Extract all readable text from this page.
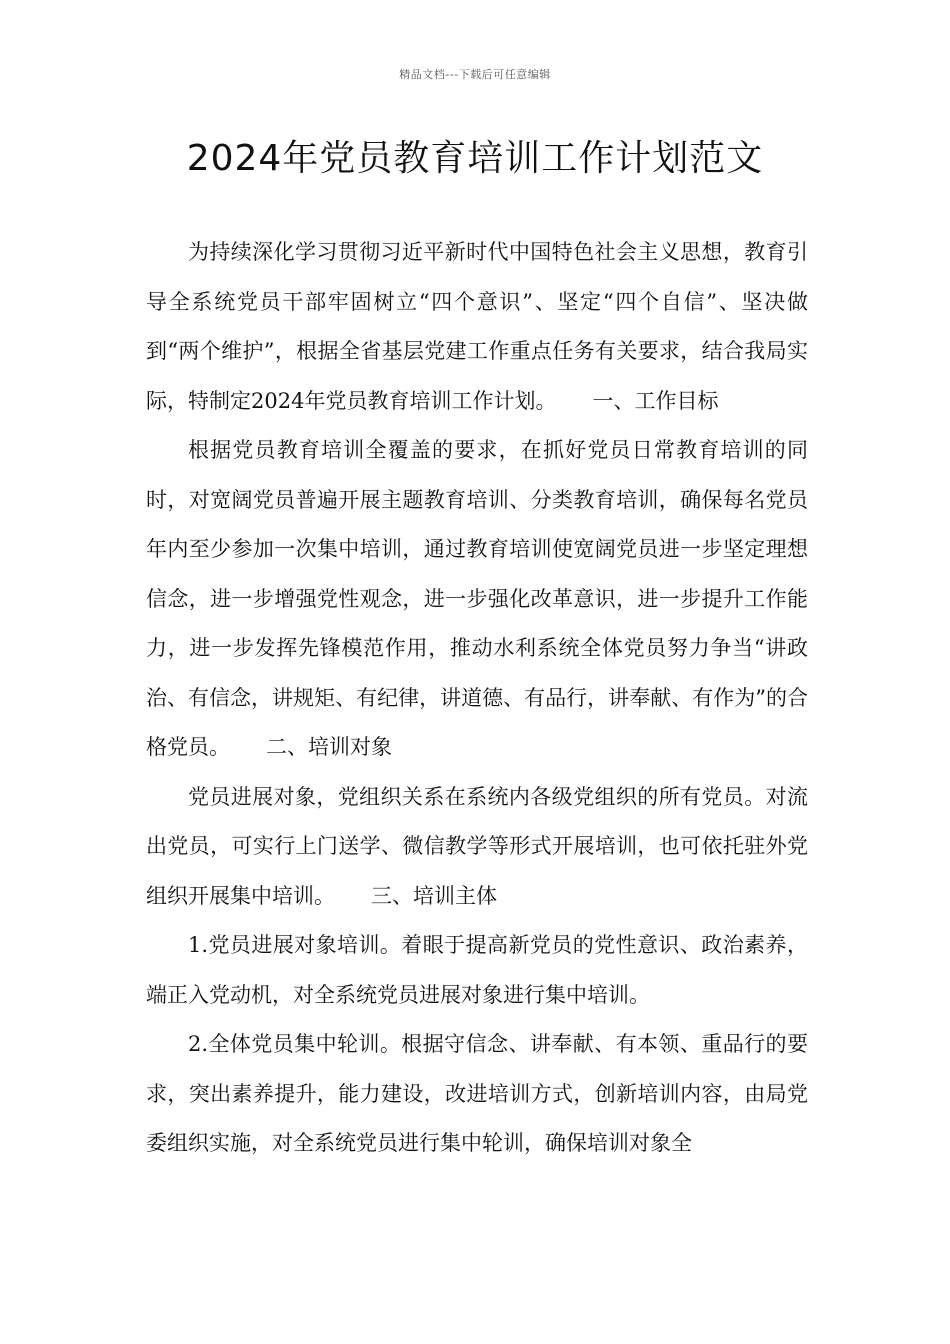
精品文档---下载后可任意编辑
2024年党员教育培训工作计划范文

为持续深化学习贯彻习近平新时代中国特色社会主义思想，教育引导全系统党员干部牢固树立“四个意识”、坚定“四个自信”、坚决做到“两个维护”，根据全省基层党建工作重点任务有关要求，结合我局实际，特制定2024年党员教育培训工作计划。 一、工作目标

根据党员教育培训全覆盖的要求，在抓好党员日常教育培训的同时，对宽阔党员普遍开展主题教育培训、分类教育培训，确保每名党员年内至少参加一次集中培训，通过教育培训使宽阔党员进一步坚定理想信念，进一步增强党性观念，进一步强化改革意识，进一步提升工作能力，进一步发挥先锋模范作用，推动水利系统全体党员努力争当“讲政治、有信念，讲规矩、有纪律，讲道德、有品行，讲奉献、有作为”的合格党员。 二、培训对象

党员进展对象，党组织关系在系统内各级党组织的所有党员。对流出党员，可实行上门送学、微信教学等形式开展培训，也可依托驻外党组织开展集中培训。 三、培训主体

1.党员进展对象培训。着眼于提高新党员的党性意识、政治素养，端正入党动机，对全系统党员进展对象进行集中培训。

2.全体党员集中轮训。根据守信念、讲奉献、有本领、重品行的要求，突出素养提升，能力建设，改进培训方式，创新培训内容，由局党委组织实施，对全系统党员进行集中轮训，确保培训对象全
